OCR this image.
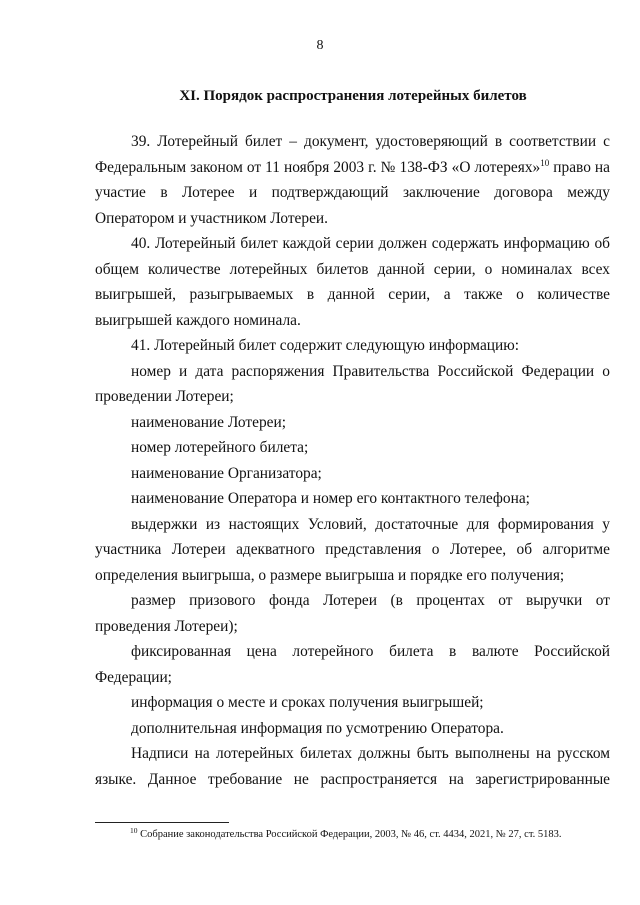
8
XI. Порядок распространения лотерейных билетов

39. Лотерейный билет – документ, удостоверяющий в соответствии с Федеральным законом от 11 ноября 2003 г. № 138-ФЗ «О лотереях»$^{10}$ право на участие в Лотерее и подтверждающий заключение договора между Оператором и участником Лотереи.

40. Лотерейный билет каждой серии должен содержать информацию об общем количестве лотерейных билетов данной серии, о номиналах всех выигрышей, разыгрываемых в данной серии, а также о количестве выигрышей каждого номинала.

41. Лотерейный билет содержит следующую информацию:

номер и дата распоряжения Правительства Российской Федерации о проведении Лотереи;

наименование Лотереи;

номер лотерейного билета;

наименование Организатора;

наименование Оператора и номер его контактного телефона;

выдержки из настоящих Условий, достаточные для формирования у участника Лотереи адекватного представления о Лотерее, об алгоритме определения выигрыша, о размере выигрыша и порядке его получения;

размер призового фонда Лотереи (в процентах от выручки от проведения Лотереи);

фиксированная цена лотерейного билета в валюте Российской Федерации;

информация о месте и сроках получения выигрышей;

дополнительная информация по усмотрению Оператора.

Надписи на лотерейных билетах должны быть выполнены на русском языке. Данное требование не распространяется на зарегистрированные

$^{10}$ Собрание законодательства Российской Федерации, 2003, № 46, ст. 4434, 2021, № 27, ст. 5183.
